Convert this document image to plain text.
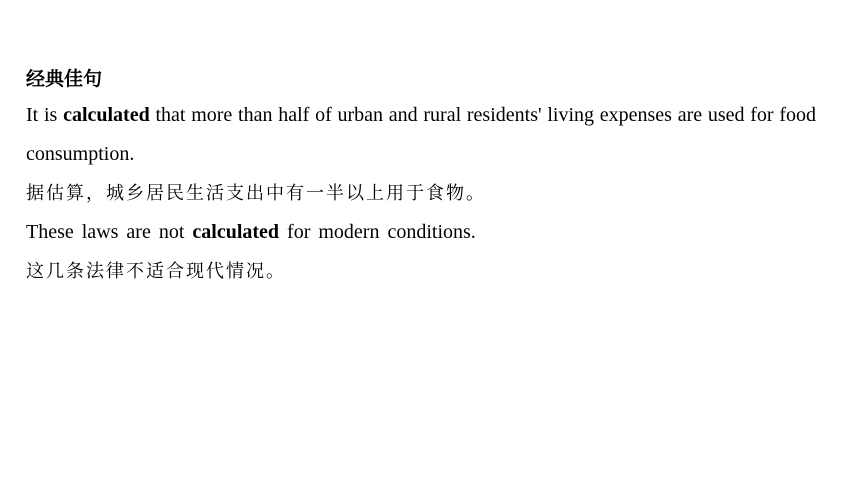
经典佳句
It is calculated that more than half of urban and rural residents' living expenses are used for food consumption.
据估算，城乡居民生活支出中有一半以上用于食物。
These laws are not calculated for modern conditions.
这几条法律不适合现代情况。
